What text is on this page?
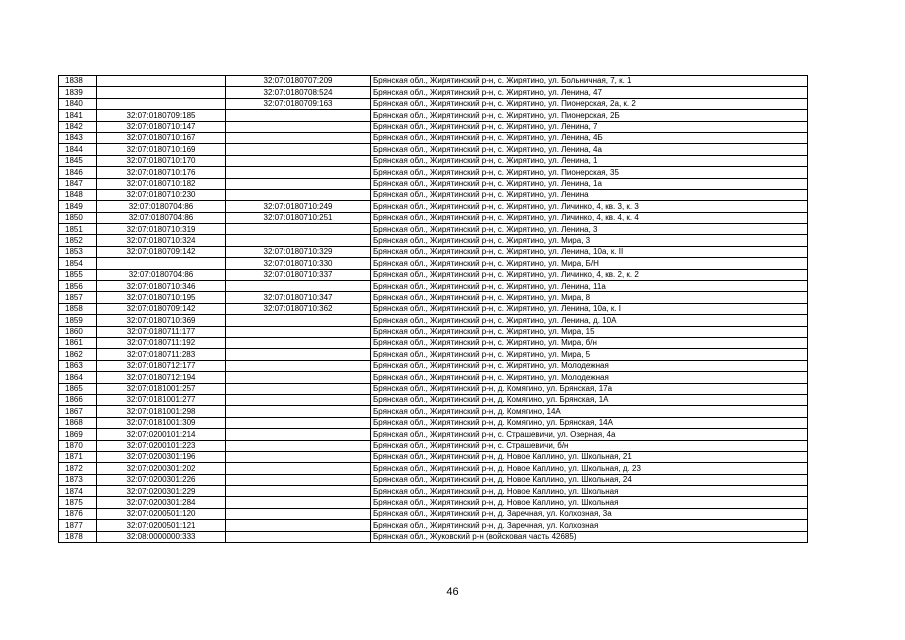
1838		32:07:0180707:209	Брянская обл., Жирятинский р-н, с. Жирятино, ул. Больничная, 7, к. 1
1839		32:07:0180708:524	Брянская обл., Жирятинский р-н, с. Жирятино, ул. Ленина, 47
1840		32:07:0180709:163	Брянская обл., Жирятинский р-н, с. Жирятино, ул. Пионерская, 2а, к. 2
1841	32:07:0180709:185		Брянская обл., Жирятинский р-н, с. Жирятино, ул. Пионерская, 2Б
1842	32:07:0180710:147		Брянская обл., Жирятинский р-н, с. Жирятино, ул. Ленина, 7
1843	32:07:0180710:167		Брянская обл., Жирятинский р-н, с. Жирятино, ул. Ленина, 4Б
1844	32:07:0180710:169		Брянская обл., Жирятинский р-н, с. Жирятино, ул. Ленина, 4а
1845	32:07:0180710:170		Брянская обл., Жирятинский р-н, с. Жирятино, ул. Ленина, 1
1846	32:07:0180710:176		Брянская обл., Жирятинский р-н, с. Жирятино, ул. Пионерская, 35
1847	32:07:0180710:182		Брянская обл., Жирятинский р-н, с. Жирятино, ул. Ленина, 1а
1848	32:07:0180710:230		Брянская обл., Жирятинский р-н, с. Жирятино, ул. Ленина
1849	32:07:0180704:86	32:07:0180710:249	Брянская обл., Жирятинский р-н, с. Жирятино, ул. Личинко, 4, кв. 3, к. 3
1850	32:07:0180704:86	32:07:0180710:251	Брянская обл., Жирятинский р-н, с. Жирятино, ул. Личинко, 4, кв. 4, к. 4
1851	32:07:0180710:319		Брянская обл., Жирятинский р-н, с. Жирятино, ул. Ленина, 3
1852	32:07:0180710:324		Брянская обл., Жирятинский р-н, с. Жирятино, ул. Мира, 3
1853	32:07:0180709:142	32:07:0180710:329	Брянская обл., Жирятинский р-н, с. Жирятино, ул. Ленина, 10а, к. II
1854		32:07:0180710:330	Брянская обл., Жирятинский р-н, с. Жирятино, ул. Мира, Б/Н
1855	32:07:0180704:86	32:07:0180710:337	Брянская обл., Жирятинский р-н, с. Жирятино, ул. Личинко, 4, кв. 2, к. 2
1856	32:07:0180710:346		Брянская обл., Жирятинский р-н, с. Жирятино, ул. Ленина, 11а
1857	32:07:0180710:195	32:07:0180710:347	Брянская обл., Жирятинский р-н, с. Жирятино, ул. Мира, 8
1858	32:07:0180709:142	32:07:0180710:362	Брянская обл., Жирятинский р-н, с. Жирятино, ул. Ленина, 10а, к. I
1859	32:07:0180710:369		Брянская обл., Жирятинский р-н, с. Жирятино, ул. Ленина, д. 10А
1860	32:07:0180711:177		Брянская обл., Жирятинский р-н, с. Жирятино, ул. Мира, 15
1861	32:07:0180711:192		Брянская обл., Жирятинский р-н, с. Жирятино, ул. Мира, б/н
1862	32:07:0180711:283		Брянская обл., Жирятинский р-н, с. Жирятино, ул. Мира, 5
1863	32:07:0180712:177		Брянская обл., Жирятинский р-н, с. Жирятино, ул. Молодежная
1864	32:07:0180712:194		Брянская обл., Жирятинский р-н, с. Жирятино, ул. Молодежная
1865	32:07:0181001:257		Брянская обл., Жирятинский р-н, д. Комягино, ул. Брянская, 17а
1866	32:07:0181001:277		Брянская обл., Жирятинский р-н, д. Комягино, ул. Брянская, 1А
1867	32:07:0181001:298		Брянская обл., Жирятинский р-н, д. Комягино, 14А
1868	32:07:0181001:309		Брянская обл., Жирятинский р-н, д. Комягино, ул. Брянская, 14А
1869	32:07:0200101:214		Брянская обл., Жирятинский р-н, с. Страшевичи, ул. Озерная, 4а
1870	32:07:0200101:223		Брянская обл., Жирятинский р-н, с. Страшевичи, б/н
1871	32:07:0200301:196		Брянская обл., Жирятинский р-н, д. Новое Каплино, ул. Школьная, 21
1872	32:07:0200301:202		Брянская обл., Жирятинский р-н, д. Новое Каплино, ул. Школьная, д. 23
1873	32:07:0200301:226		Брянская обл., Жирятинский р-н, д. Новое Каплино, ул. Школьная, 24
1874	32:07:0200301:229		Брянская обл., Жирятинский р-н, д. Новое Каплино, ул. Школьная
1875	32:07:0200301:284		Брянская обл., Жирятинский р-н, д. Новое Каплино, ул. Школьная
1876	32:07:0200501:120		Брянская обл., Жирятинский р-н, д. Заречная, ул. Колхозная, 3а
1877	32:07:0200501:121		Брянская обл., Жирятинский р-н, д. Заречная, ул. Колхозная
1878	32:08:0000000:333		Брянская обл., Жуковский р-н (войсковая часть 42685)
46
